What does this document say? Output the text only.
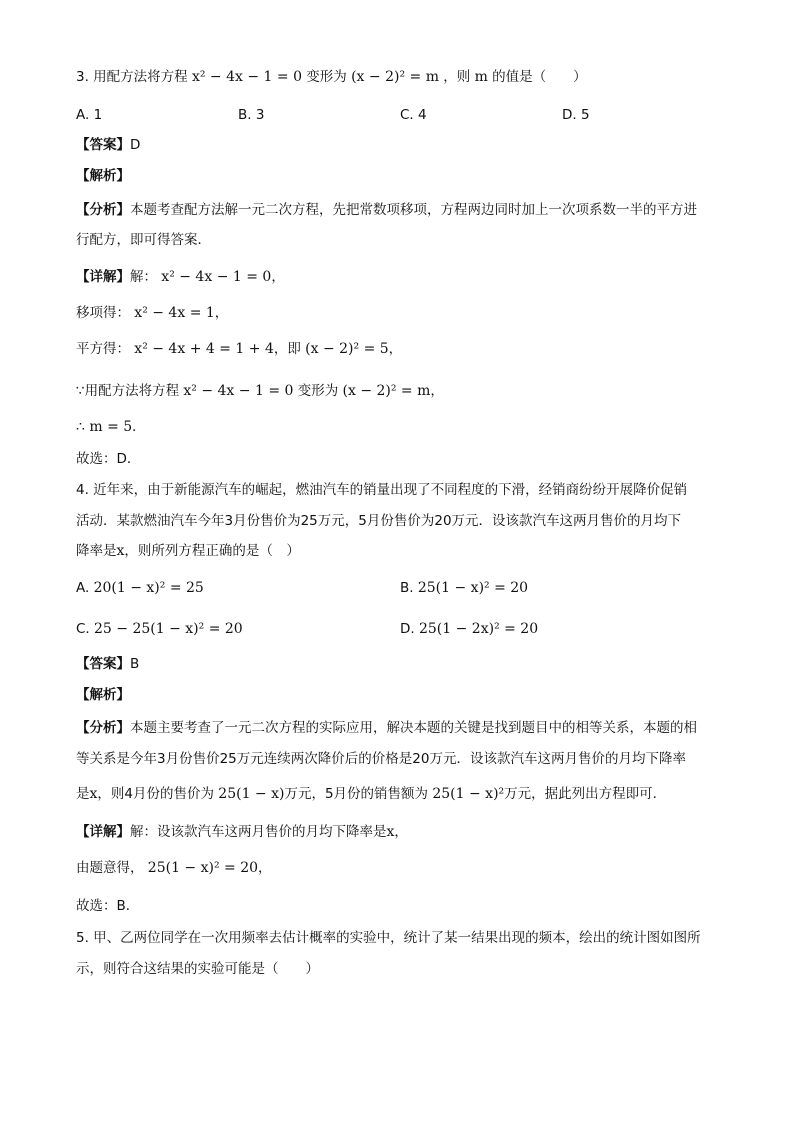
3. 用配方法将方程 x² − 4x − 1 = 0 变形为 (x − 2)² = m ，则 m 的值是（　　）
A. 1	B. 3	C. 4	D. 5
【答案】D
【解析】
【分析】本题考查配方法解一元二次方程，先把常数项移项，方程两边同时加上一次项系数一半的平方进
行配方，即可得答案．
【详解】解： x² − 4x − 1 = 0，
移项得： x² − 4x = 1，
平方得： x² − 4x + 4 = 1 + 4，即 (x − 2)² = 5，
∵用配方法将方程 x² − 4x − 1 = 0 变形为 (x − 2)² = m，
∴ m = 5．
故选：D．
4. 近年来，由于新能源汽车的崛起，燃油汽车的销量出现了不同程度的下滑，经销商纷纷开展降价促销
活动．某款燃油汽车今年3月份售价为25万元，5月份售价为20万元．设该款汽车这两月售价的月均下
降率是x，则所列方程正确的是（　）
A. 20(1 − x)² = 25	B. 25(1 − x)² = 20
C. 25 − 25(1 − x)² = 20	D. 25(1 − 2x)² = 20
【答案】B
【解析】
【分析】本题主要考查了一元二次方程的实际应用，解决本题的关键是找到题目中的相等关系，本题的相
等关系是今年3月份售价25万元连续两次降价后的价格是20万元．设该款汽车这两月售价的月均下降率
是x，则4月份的售价为 25(1 − x)万元，5月份的销售额为 25(1 − x)²万元，据此列出方程即可．
【详解】解：设该款汽车这两月售价的月均下降率是x，
由题意得， 25(1 − x)² = 20，
故选：B．
5. 甲、乙两位同学在一次用频率去估计概率的实验中，统计了某一结果出现的频本，绘出的统计图如图所
示，则符合这结果的实验可能是（　　）
